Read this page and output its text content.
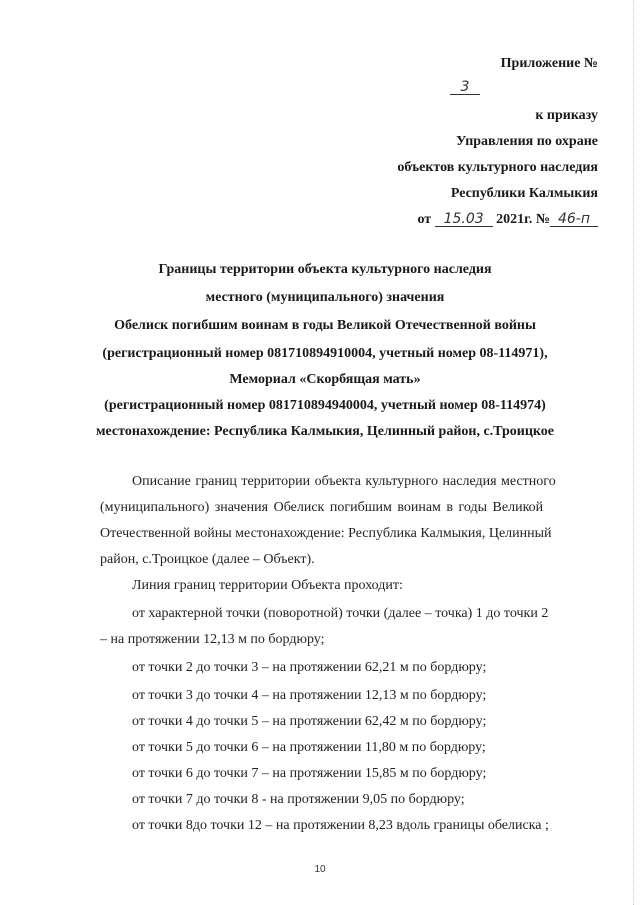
Приложение №
3
к приказу
Управления по охране
объектов культурного наследия
Республики Калмыкия
от 15.03 2021г. № 46-п
Границы территории объекта культурного наследия
местного (муниципального) значения
Обелиск погибшим воинам в годы Великой Отечественной войны
(регистрационный номер 081710894910004, учетный номер 08-114971),
Мемориал «Скорбящая мать»
(регистрационный номер 081710894940004, учетный номер 08-114974)
местонахождение: Республика Калмыкия, Целинный район, с.Троицкое
Описание границ территории объекта культурного наследия местного
(муниципального) значения Обелиск погибшим воинам в годы Великой
Отечественной войны местонахождение: Республика Калмыкия, Целинный
район, с.Троицкое (далее – Объект).
Линия границ территории Объекта проходит:
от характерной точки (поворотной) точки (далее – точка) 1 до точки 2
– на протяжении 12,13 м по бордюру;
от точки 2 до точки 3 – на протяжении 62,21 м по бордюру;
от точки 3 до точки 4 – на протяжении 12,13 м по бордюру;
от точки 4 до точки 5 – на протяжении 62,42 м по бордюру;
от точки 5 до точки 6 – на протяжении 11,80 м по бордюру;
от точки 6 до точки 7 – на протяжении 15,85 м по бордюру;
от точки 7 до точки 8 - на протяжении 9,05 по бордюру;
от точки 8до точки 12 – на протяжении 8,23 вдоль границы обелиска ;
10
